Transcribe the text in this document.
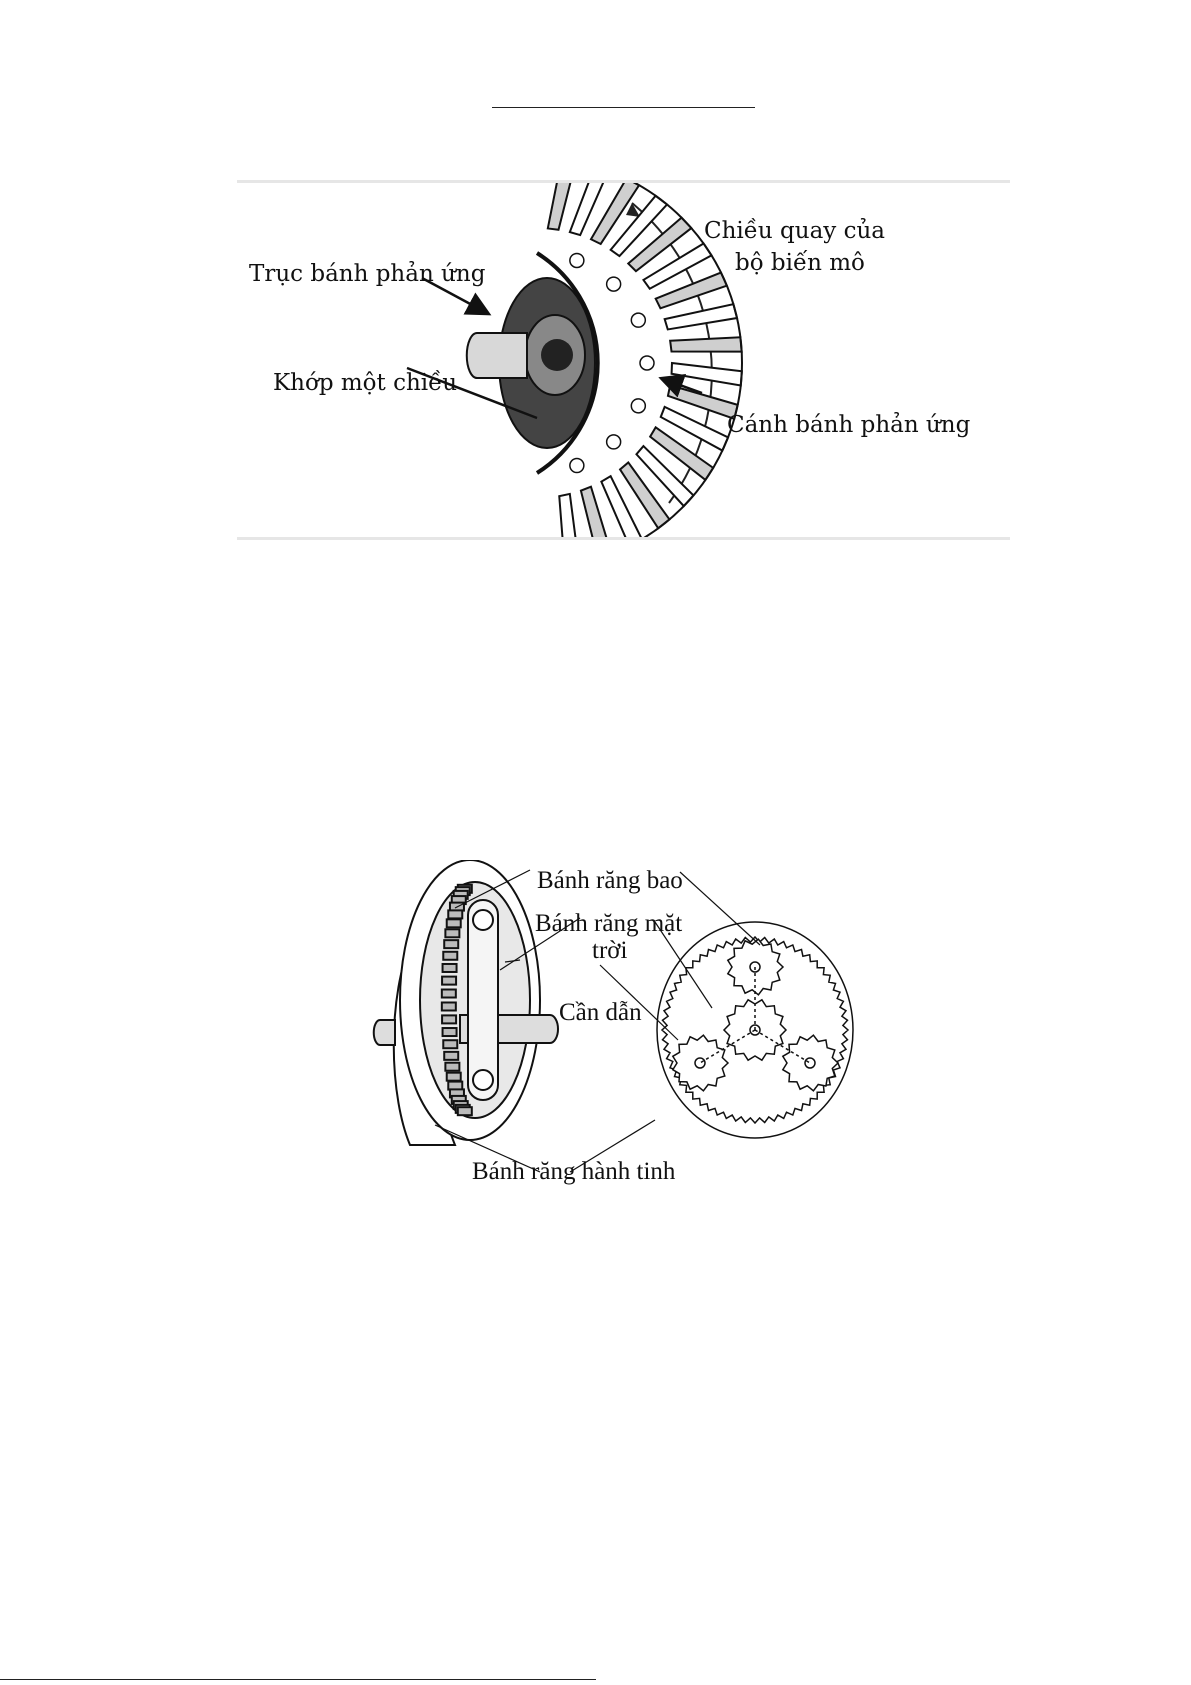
Trục bánh phản ứng
Khớp một chiều
Chiều quay của
bộ biến mô
Cánh bánh phản ứng
Bánh răng bao
Bánh răng mặt
trời
Cần dẫn
Bánh răng hành tinh
